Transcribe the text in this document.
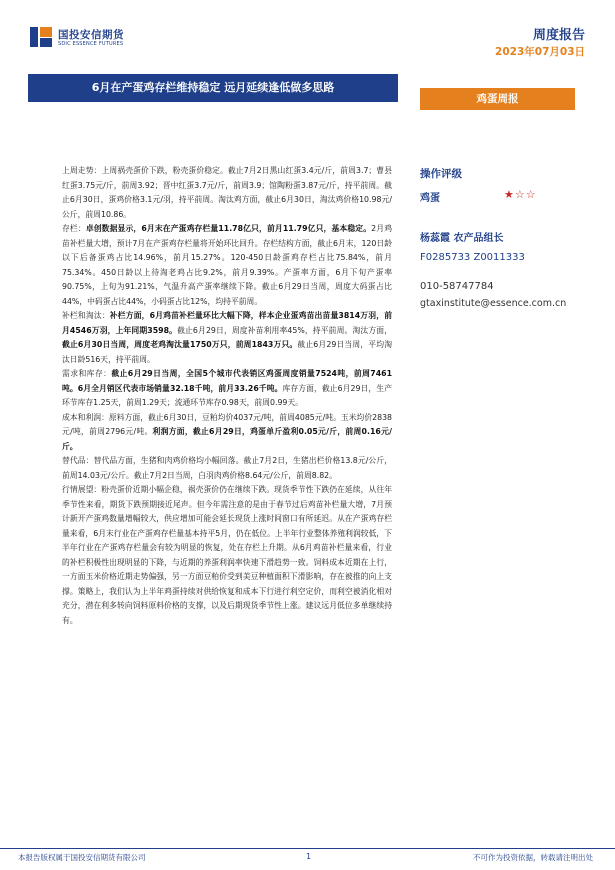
国投安信期货
SDIC ESSENCE FUTURES
周度报告
2023年07月03日
6月在产蛋鸡存栏维持稳定 远月延续逢低做多思路
鸡蛋周报

上周走势：上周祸壳蛋价下跌，粉壳蛋价稳定。截止7月2日黑山红蛋3.4元/斤，前周3.7；曹县红蛋3.75元/斤，前周3.92；晋中红蛋3.7元/斤，前周3.9；馆陶粉蛋3.87元/斤，持平前周。截止6月30日，蛋鸡价格3.1元/羽，持平前周。淘汰鸡方面，截止6月30日，淘汰鸡价格10.98元/公斤，前周10.86。

存栏：卓创数据显示，6月末在产蛋鸡存栏量11.78亿只，前月11.79亿只，基本稳定。2月鸡苗补栏量大增，预计7月在产蛋鸡存栏量将开始环比回升。存栏结构方面，截止6月末，120日龄以下后备蛋鸡占比14.96%，前月15.27%。120-450日龄蛋鸡存栏占比75.84%，前月75.34%。450日龄以上待淘老鸡占比9.2%，前月9.39%。产蛋率方面，6月下旬产蛋率90.75%，上旬为91.21%，气温升高产蛋率继续下降。截止6月29日当周，周度大码蛋占比44%，中码蛋占比44%，小码蛋占比12%，均持平前周。

补栏和淘汰：补栏方面，6月鸡苗补栏量环比大幅下降，样本企业蛋鸡苗出苗量3814万羽，前月4546万羽，上年同期3598。截止6月29日，周度补苗利用率45%，持平前周。淘汰方面，截止6月30日当周，周度老鸡淘汰量1750万只，前周1843万只。截止6月29日当周，平均淘汰日龄516天，持平前周。

需求和库存：截止6月29日当周，全国5个城市代表销区鸡蛋周度销量7524吨，前周7461吨。6月全月销区代表市场销量32.18千吨，前月33.26千吨。库存方面，截止6月29日，生产环节库存1.25天，前周1.29天；流通环节库存0.98天，前周0.99天。

成本和利润：原料方面，截止6月30日，豆粕均价4037元/吨，前周4085元/吨。玉米均价2838元/吨，前周2796元/吨。利润方面，截止6月29日，鸡蛋单斤盈利0.05元/斤，前周0.16元/斤。

替代品：替代品方面，生猪和肉鸡价格均小幅回落。截止7月2日，生猪出栏价格13.8元/公斤，前周14.03元/公斤。截止7月2日当周，白羽肉鸡价格8.64元/公斤，前周8.82。

行情展望：粉壳蛋价近期小幅企稳，祸壳蛋价仍在继续下跌。现货季节性下跌仍在延续，从往年季节性来看，期货下跌预期接近尾声。但今年需注意的是由于春节过后鸡苗补栏量大增，7月预计新开产蛋鸡数量增幅较大，供应增加可能会延长现货上涨时间窗口有所延迟。从在产蛋鸡存栏量来看，6月末行业在产蛋鸡存栏量基本持平5月，仍在低位。上半年行业整体养殖利润较低，下半年行业在产蛋鸡存栏量会有较为明显的恢复，处在存栏上升期。从6月鸡苗补栏量来看，行业的补栏积极性出现明显的下降，与近期的养蛋利润率快速下滑趋势一致。饲料成本近期在上行，一方面玉米价格近期走势偏强，另一方面豆粕价受到美豆种植面积下滑影响，存在被推的向上支撑。策略上，我们认为上半年鸡蛋持续对供给恢复和成本下行进行利空定价，而利空被消化相对充分，潜在利多转向饲料原料价格的支撑，以及后期现货季节性上涨。建议远月低位多单继续持有。

操作评级
鸡蛋	★☆☆
杨蕊霞 农产品组长
F0285733 Z0011333
010-58747784
gtaxinstitute@essence.com.cn
本报告版权属于国投安信期货有限公司	1	不可作为投资依据，转载请注明出处
